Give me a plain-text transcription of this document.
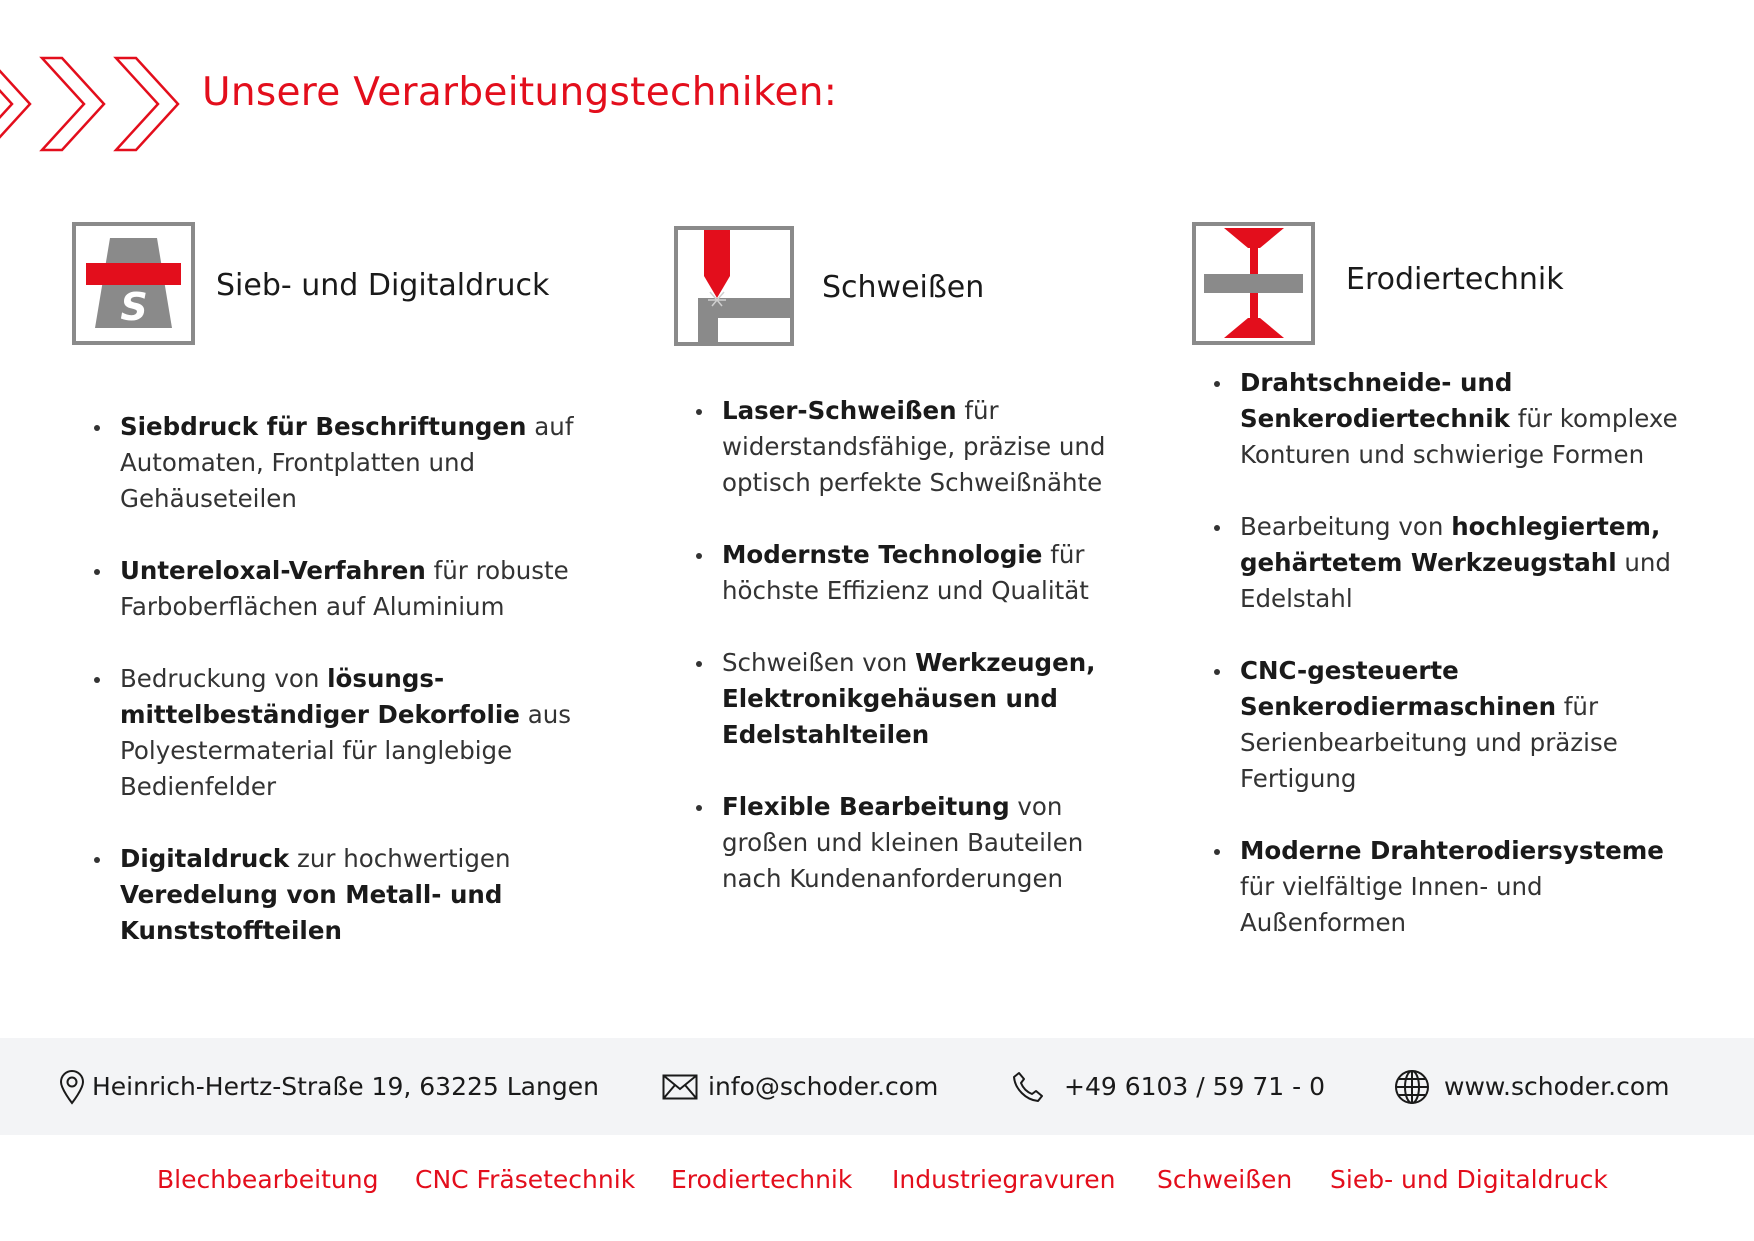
Unsere Verarbeitungstechniken:
S Sieb- und Digitaldruck
Siebdruck für Beschriftungen auf Automaten, Frontplatten und Gehäuseteilen
Untereloxal-Verfahren für robuste Farboberflächen auf Aluminium
Bedruckung von lösungs-mittelbeständiger Dekorfolie aus Polyestermaterial für langlebige Bedienfelder
Digitaldruck zur hochwertigen Veredelung von Metall- und Kunststoffteilen
Schweißen
Laser-Schweißen für widerstandsfähige, präzise und optisch perfekte Schweißnähte
Modernste Technologie für höchste Effizienz und Qualität
Schweißen von Werkzeugen, Elektronikgehäusen und Edelstahlteilen
Flexible Bearbeitung von großen und kleinen Bauteilen nach Kundenanforderungen
Erodiertechnik
Drahtschneide- und Senkerodiertechnik für komplexe Konturen und schwierige Formen
Bearbeitung von hochlegiertem, gehärtetem Werkzeugstahl und Edelstahl
CNC-gesteuerte Senkerodiermaschinen für Serienbearbeitung und präzise Fertigung
Moderne Drahterodiersysteme für vielfältige Innen- und Außenformen
Heinrich-Hertz-Straße 19, 63225 Langen	info@schoder.com	+49 6103 / 59 71 - 0	www.schoder.com
Blechbearbeitung CNC Fräsetechnik Erodiertechnik Industriegravuren Schweißen Sieb- und Digitaldruck
